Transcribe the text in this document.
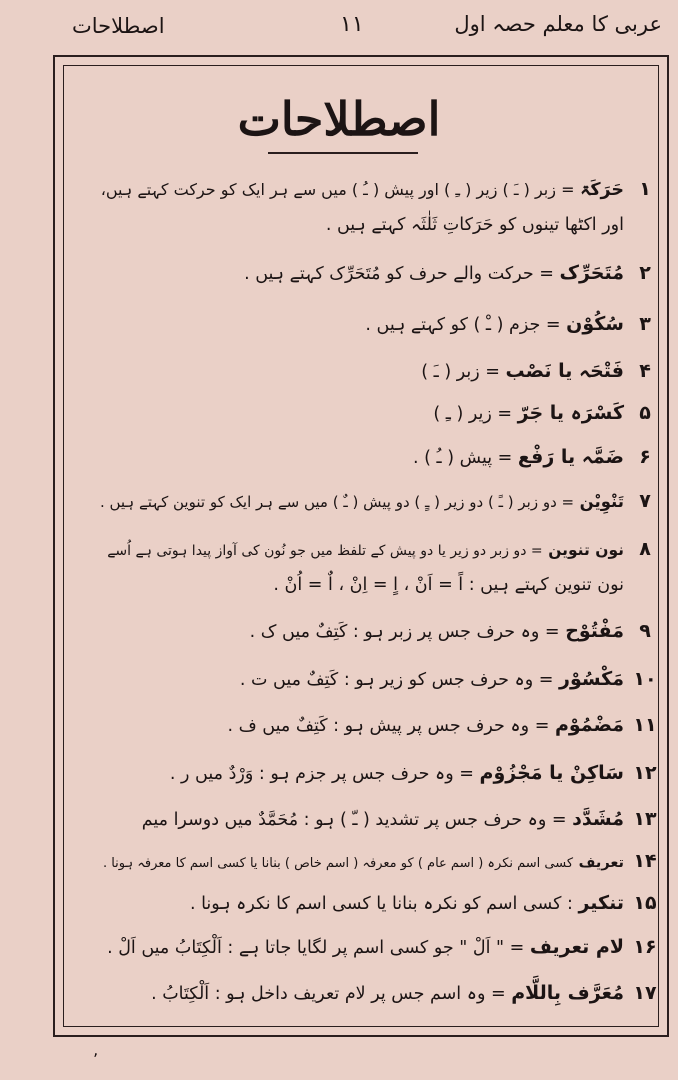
اصطلاحات	۱۱	عربی کا معلم حصہ اول
اصطلاحات
۱حَرَکَۃ = زبر ( ـَ ) زیر ( ـِ ) اور پیش ( ـُ ) میں سے ہر ایک کو حرکت کہتے ہیں،
اور اکٹھا تینوں کو حَرَکاتِ ثَلٰثَہ کہتے ہیں .
۲مُتَحَرِّک = حرکت والے حرف کو مُتَحَرِّک کہتے ہیں .
۳سُکُوْن = جزم ( ـْ ) کو کہتے ہیں .
۴فَتْحَہ یا نَصْب = زبر ( ـَ )
۵کَسْرَہ یا جَرّ = زیر ( ـِ )
۶ضَمَّہ یا رَفْع = پیش ( ـُ ) .
۷تَنْوِیْن = دو زبر ( ـً ) دو زیر ( ـٍ ) دو پیش ( ـٌ ) میں سے ہر ایک کو تنوین کہتے ہیں .
۸نون تنوین = دو زبر دو زیر یا دو پیش کے تلفظ میں جو نُون کی آواز پیدا ہوتی ہے اُسے
نون تنوین کہتے ہیں : اً = اَنْ ، اٍ = اِنْ ، اٌ = اُنْ .
۹مَفْتُوْح = وہ حرف جس پر زبر ہو : کَتِفٌ میں ک .
۱۰مَکْسُوْر = وہ حرف جس کو زیر ہو : کَتِفٌ میں ت .
۱۱مَضْمُوْم = وہ حرف جس پر پیش ہو : کَتِفٌ میں ف .
۱۲سَاکِنْ یا مَجْزُوْم = وہ حرف جس پر جزم ہو : وَرْدٌ میں ر .
۱۳مُشَدَّد = وہ حرف جس پر تشدید ( ـّ ) ہو : مُحَمَّدٌ میں دوسرا میم
۱۴تعریف کسی اسم نکرہ ( اسم عام ) کو معرفہ ( اسم خاص ) بنانا یا کسی اسم کا معرفہ ہونا .
۱۵تنکیر : کسی اسم کو نکرہ بنانا یا کسی اسم کا نکرہ ہونا .
۱۶لام تعریف = " اَلْ " جو کسی اسم پر لگایا جاتا ہے : اَلْکِتَابُ میں اَلْ .
۱۷مُعَرَّف بِاللَّام = وہ اسم جس پر لام تعریف داخل ہو : اَلْکِتَابُ .
ʼ
